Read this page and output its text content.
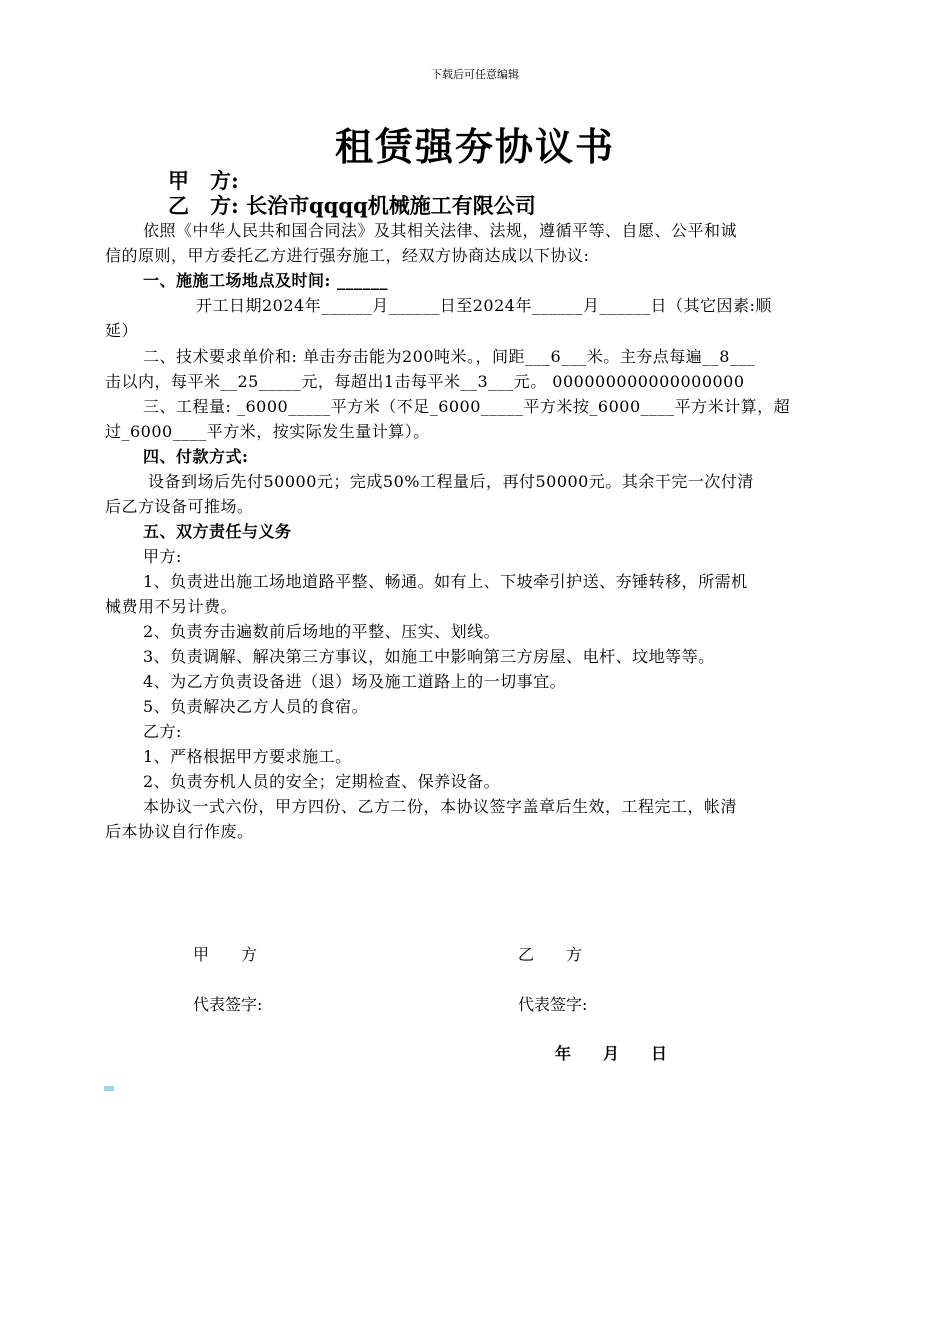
下载后可任意编辑
租赁强夯协议书
甲　方:
乙　方: 长治市qqqq机械施工有限公司
依照《中华人民共和国合同法》及其相关法律、法规，遵循平等、自愿、公平和诚
信的原则，甲方委托乙方进行强夯施工，经双方协商达成以下协议:
一、施施工场地点及时间: ______
开工日期2024年______月______日至2024年______月______日（其它因素:顺
延）
二、技术要求单价和: 单击夯击能为200吨米。，间距___6___米。主夯点每遍__8___
击以内，每平米__25_____元，每超出1击每平米__3___元。 000000000000000000
三、工程量: _6000_____平方米（不足_6000_____平方米按_6000____平方米计算，超
过_6000____平方米，按实际发生量计算）。
四、付款方式:
设备到场后先付50000元；完成50%工程量后，再付50000元。其余干完一次付清
后乙方设备可推场。
五、双方责任与义务
甲方:
1、负责进出施工场地道路平整、畅通。如有上、下坡牵引护送、夯锤转移，所需机
械费用不另计费。
2、负责夯击遍数前后场地的平整、压实、划线。
3、负责调解、解决第三方事议，如施工中影响第三方房屋、电杆、坟地等等。
4、为乙方负责设备进（退）场及施工道路上的一切事宜。
5、负责解决乙方人员的食宿。
乙方:
1、严格根据甲方要求施工。
2、负责夯机人员的安全；定期检查、保养设备。
本协议一式六份，甲方四份、乙方二份，本协议签字盖章后生效，工程完工，帐清
后本协议自行作废。
甲　　方	乙　　方
代表签字:	代表签字:
年　　月　　日
